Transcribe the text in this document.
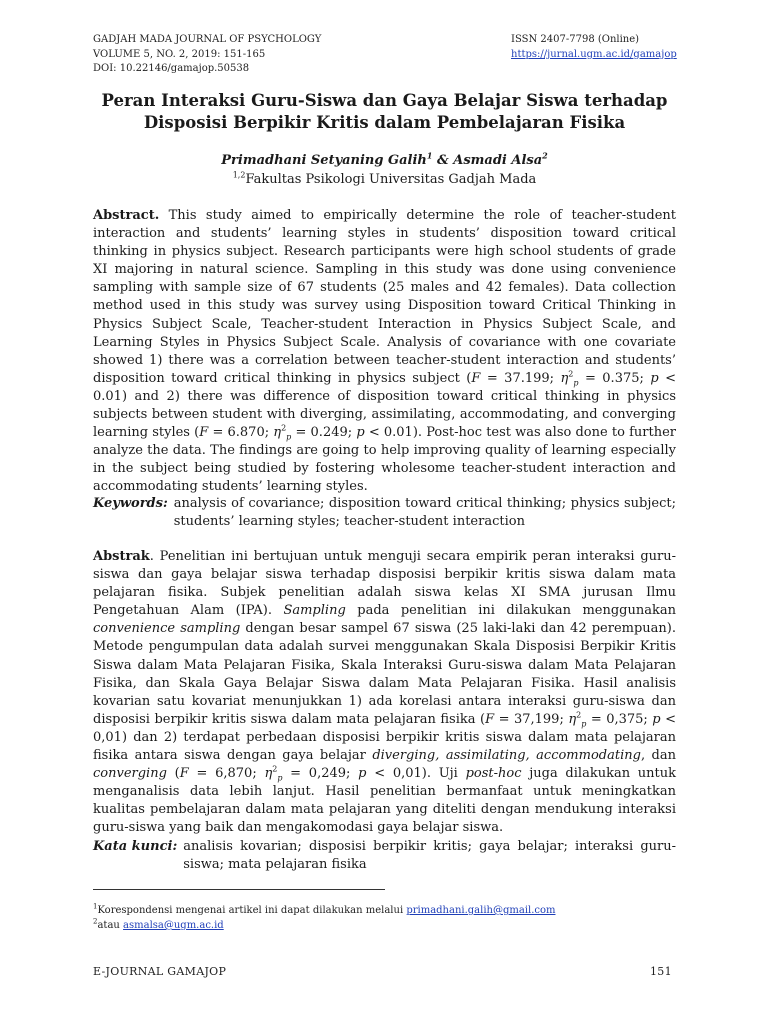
GADJAH MADA JOURNAL OF PSYCHOLOGY
VOLUME 5, NO. 2, 2019: 151-165
DOI: 10.22146/gamajop.50538
ISSN 2407-7798 (Online)
https://jurnal.ugm.ac.id/gamajop
Peran Interaksi Guru-Siswa dan Gaya Belajar Siswa terhadap
Disposisi Berpikir Kritis dalam Pembelajaran Fisika
Primadhani Setyaning Galih$^1$ & Asmadi Alsa$^2$
$^{1,2}$Fakultas Psikologi Universitas Gadjah Mada

Abstract. This study aimed to empirically determine the role of teacher-student interaction and students’ learning styles in students’ disposition toward critical thinking in physics subject. Research participants were high school students of grade XI majoring in natural science. Sampling in this study was done using convenience sampling with sample size of 67 students (25 males and 42 females). Data collection method used in this study was survey using Disposition toward Critical Thinking in Physics Subject Scale, Teacher-student Interaction in Physics Subject Scale, and Learning Styles in Physics Subject Scale. Analysis of covariance with one covariate showed 1) there was a correlation between teacher-student interaction and students’ disposition toward critical thinking in physics subject (F = 37.199; $\eta^2_p = 0.375$; p < 0.01) and 2) there was difference of disposition toward critical thinking in physics subjects between student with diverging, assimilating, accommodating, and converging learning styles (F = 6.870; $\eta^2_p = 0.249$; p < 0.01). Post-hoc test was also done to further analyze the data. The findings are going to help improving quality of learning especially in the subject being studied by fostering wholesome teacher-student interaction and accommodating students’ learning styles.

Keywords: analysis of covariance; disposition toward critical thinking; physics subject; students’ learning styles; teacher-student interaction

Abstrak. Penelitian ini bertujuan untuk menguji secara empirik peran interaksi guru-siswa dan gaya belajar siswa terhadap disposisi berpikir kritis siswa dalam mata pelajaran fisika. Subjek penelitian adalah siswa kelas XI SMA jurusan Ilmu Pengetahuan Alam (IPA). Sampling pada penelitian ini dilakukan menggunakan convenience sampling dengan besar sampel 67 siswa (25 laki-laki dan 42 perempuan). Metode pengumpulan data adalah survei menggunakan Skala Disposisi Berpikir Kritis Siswa dalam Mata Pelajaran Fisika, Skala Interaksi Guru-siswa dalam Mata Pelajaran Fisika, dan Skala Gaya Belajar Siswa dalam Mata Pelajaran Fisika. Hasil analisis kovarian satu kovariat menunjukkan 1) ada korelasi antara interaksi guru-siswa dan disposisi berpikir kritis siswa dalam mata pelajaran fisika (F = 37,199; $\eta^2_p = 0,375$; p < 0,01) dan 2) terdapat perbedaan disposisi berpikir kritis siswa dalam mata pelajaran fisika antara siswa dengan gaya belajar diverging, assimilating, accommodating, dan converging (F = 6,870; $\eta^2_p = 0,249$; p < 0,01). Uji post-hoc juga dilakukan untuk menganalisis data lebih lanjut. Hasil penelitian bermanfaat untuk meningkatkan kualitas pembelajaran dalam mata pelajaran yang diteliti dengan mendukung interaksi guru-siswa yang baik dan mengakomodasi gaya belajar siswa.

Kata kunci: analisis kovarian; disposisi berpikir kritis; gaya belajar; interaksi guru-siswa; mata pelajaran fisika
$^1$Korespondensi mengenai artikel ini dapat dilakukan melalui primadhani.galih@gmail.com
$^2$atau asmalsa@ugm.ac.id
E-JOURNAL GAMAJOP	151
